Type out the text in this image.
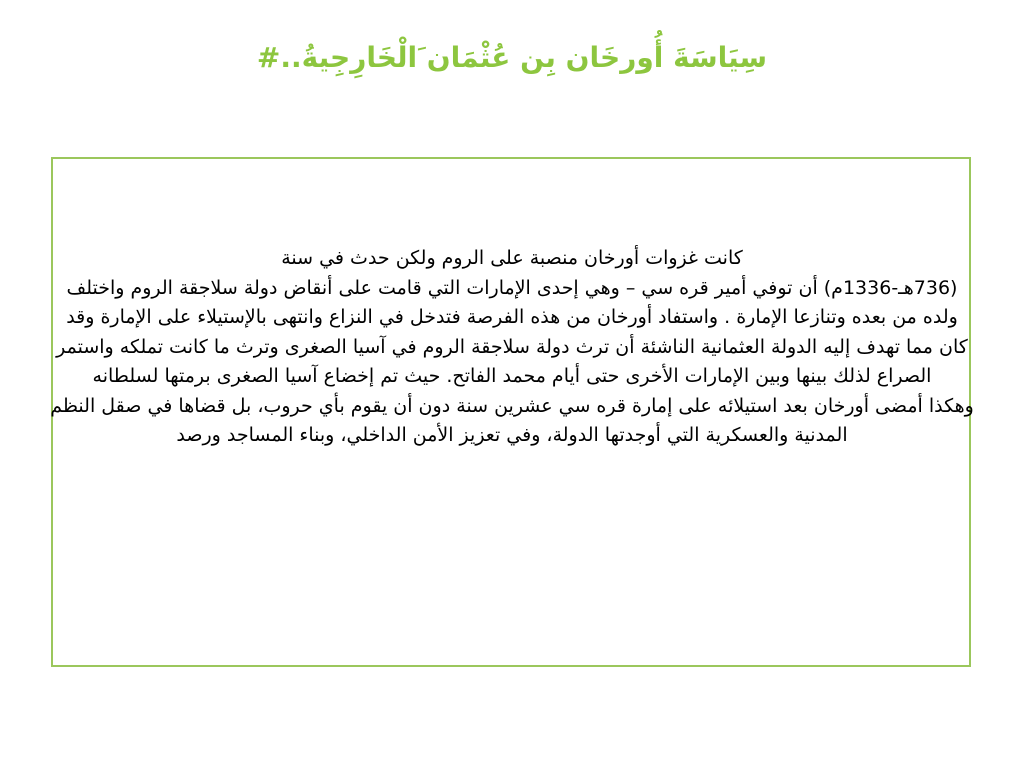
سِيَاسَةَ أُورخَان بِن عُثْمَان َالْخَارِجِيةُ..#

كانت غزوات أورخان منصبة على الروم ولكن حدث في سنة

(736هـ-1336م) أن توفي أمير قره سي – وهي إحدى الإمارات التي قامت على أنقاض دولة سلاجقة الروم واختلف ولده من بعده وتنازعا الإمارة . واستفاد أورخان من هذه الفرصة فتدخل في النزاع وانتهى بالإستيلاء على الإمارة وقد كان مما تهدف إليه الدولة العثمانية الناشئة أن ترث دولة سلاجقة الروم في آسيا الصغرى وترث ما كانت تملكه واستمر الصراع لذلك بينها وبين الإمارات الأخرى حتى أيام محمد الفاتح. حيث تم إخضاع آسيا الصغرى برمتها لسلطانه

وهكذا أمضى أورخان بعد استيلائه على إمارة قره سي عشرين سنة دون أن يقوم بأي حروب، بل قضاها في صقل النظم المدنية والعسكرية التي أوجدتها الدولة، وفي تعزيز الأمن الداخلي، وبناء المساجد ورصد
